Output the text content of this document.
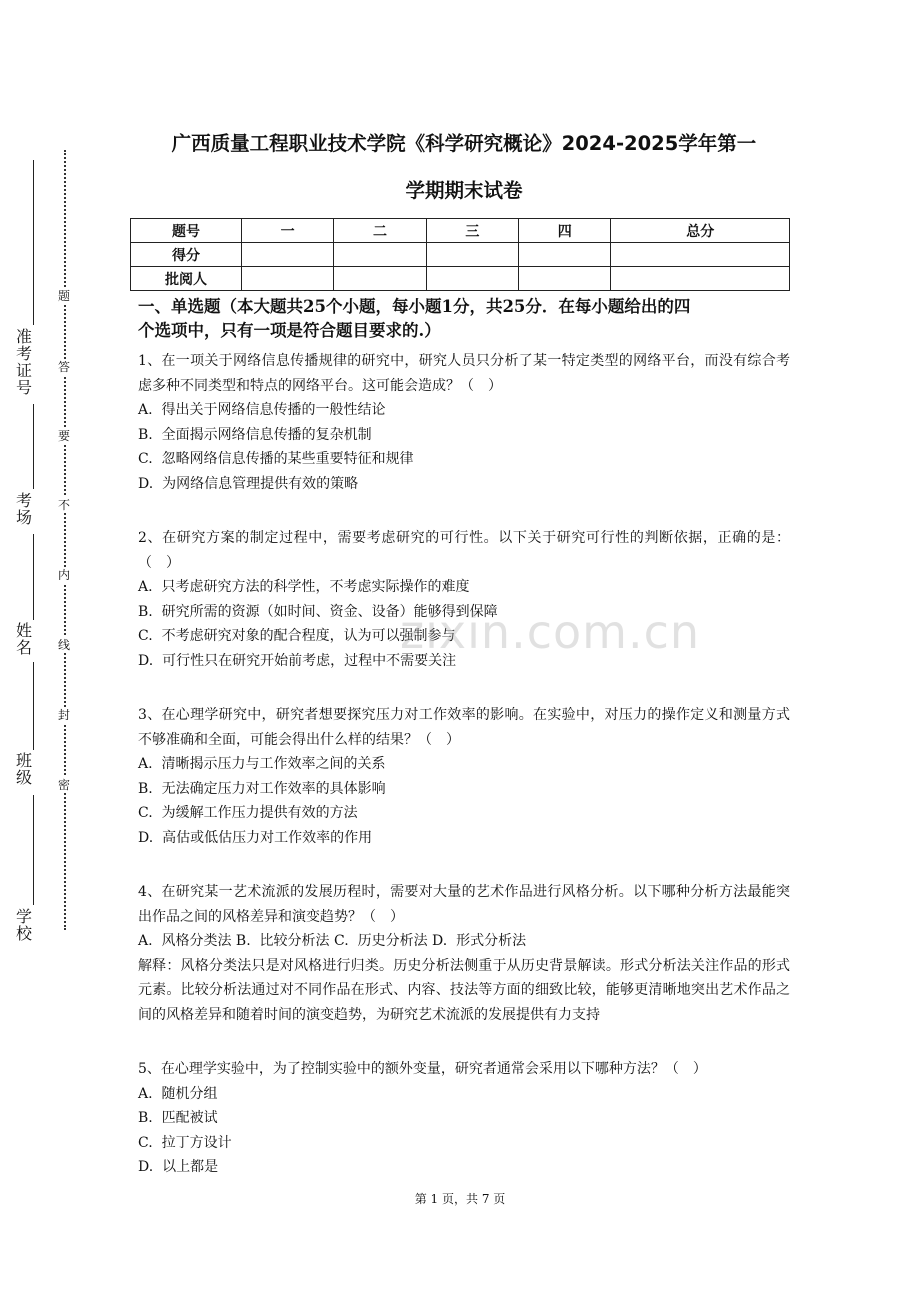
题
答
要
不
内
线
封
密
准
考
证
号
考
场
姓
名
班
级
学
校
广西质量工程职业技术学院《科学研究概论》2024-2025学年第一
学期期末试卷
题号	一	二	三	四	总分
得分					
批阅人					
一、单选题（本大题共25个小题，每小题1分，共25分．在每小题给出的四
个选项中，只有一项是符合题目要求的.）
1、在一项关于网络信息传播规律的研究中，研究人员只分析了某一特定类型的网络平台，而没有综合考虑多种不同类型和特点的网络平台。这可能会造成？（　）
A.  得出关于网络信息传播的一般性结论
B.  全面揭示网络信息传播的复杂机制
C.  忽略网络信息传播的某些重要特征和规律
D.  为网络信息管理提供有效的策略
2、在研究方案的制定过程中，需要考虑研究的可行性。以下关于研究可行性的判断依据，正确的是：（　）
A.  只考虑研究方法的科学性，不考虑实际操作的难度
B.  研究所需的资源（如时间、资金、设备）能够得到保障
C.  不考虑研究对象的配合程度，认为可以强制参与
D.  可行性只在研究开始前考虑，过程中不需要关注
3、在心理学研究中，研究者想要探究压力对工作效率的影响。在实验中，对压力的操作定义和测量方式不够准确和全面，可能会得出什么样的结果？（　）
A.  清晰揭示压力与工作效率之间的关系
B.  无法确定压力对工作效率的具体影响
C.  为缓解工作压力提供有效的方法
D.  高估或低估压力对工作效率的作用
4、在研究某一艺术流派的发展历程时，需要对大量的艺术作品进行风格分析。以下哪种分析方法最能突出作品之间的风格差异和演变趋势？（　）
A.  风格分类法 B.  比较分析法 C.  历史分析法 D.  形式分析法
解释：风格分类法只是对风格进行归类。历史分析法侧重于从历史背景解读。形式分析法关注作品的形式元素。比较分析法通过对不同作品在形式、内容、技法等方面的细致比较，能够更清晰地突出艺术作品之间的风格差异和随着时间的演变趋势，为研究艺术流派的发展提供有力支持
5、在心理学实验中，为了控制实验中的额外变量，研究者通常会采用以下哪种方法？（　）
A.  随机分组
B.  匹配被试
C.  拉丁方设计
D.  以上都是
zixin.com.cn
第 1 页，共 7 页
